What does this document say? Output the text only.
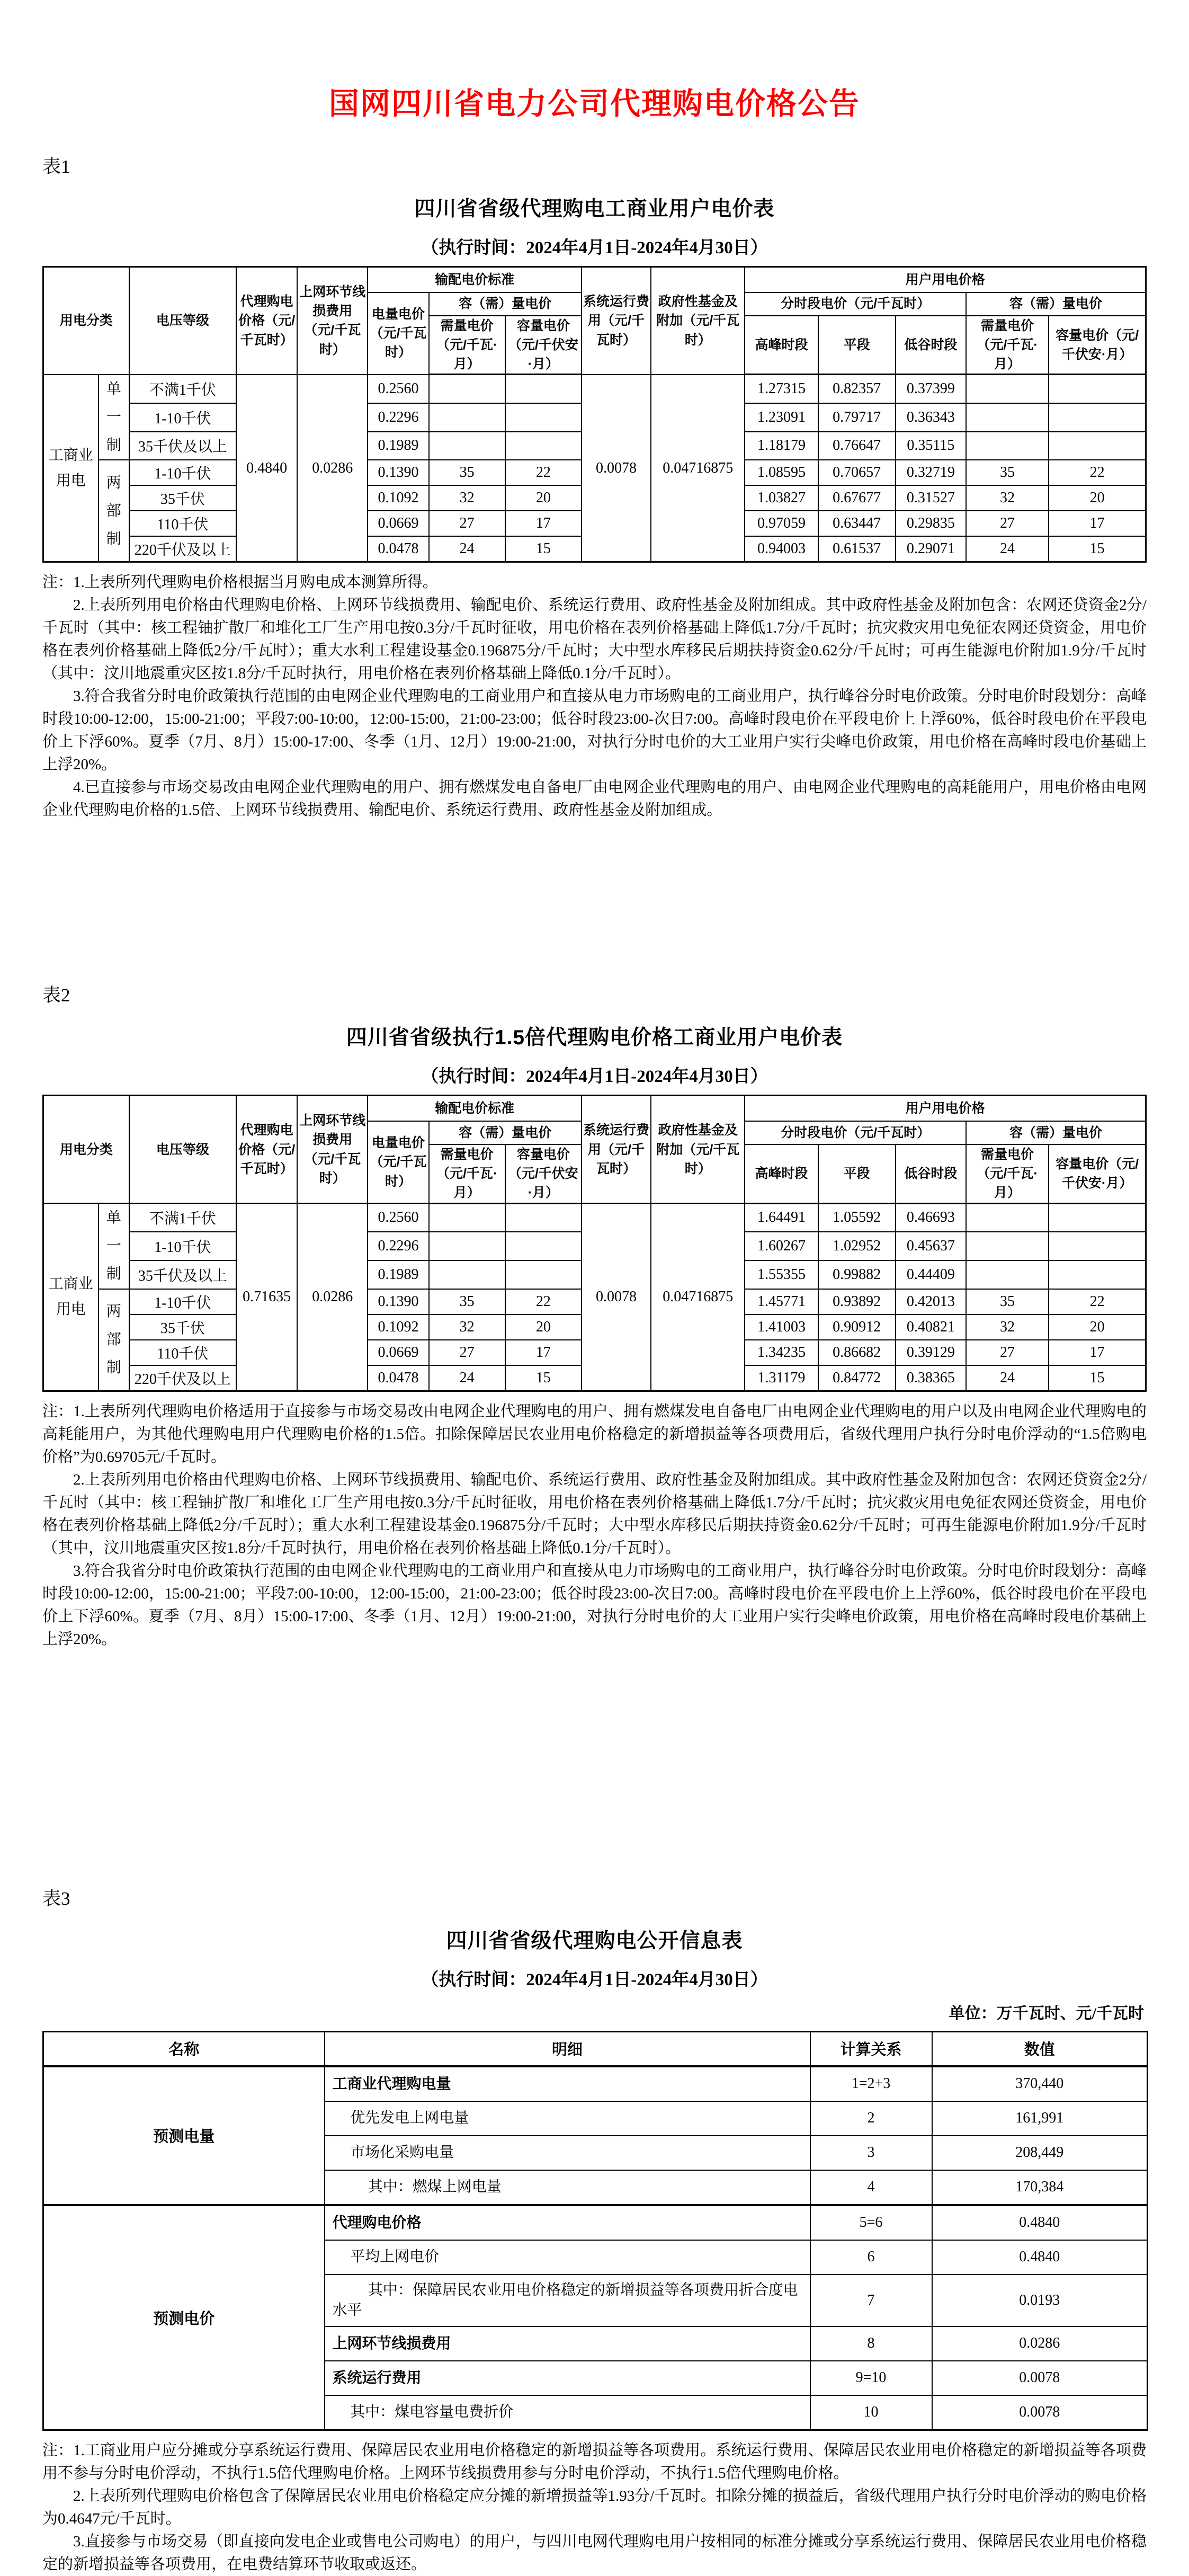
国网四川省电力公司代理购电价格公告
表1
四川省省级代理购电工商业用户电价表
（执行时间：2024年4月1日-2024年4月30日）
用电分类		电压等级	代理购电价格（元/千瓦时）	上网环节线损费用（元/千瓦时）	输配电价标准			系统运行费用（元/千瓦时）	政府性基金及附加（元/千瓦时）	用户用电价格				
					电量电价（元/千瓦时）	容（需）量电价				分时段电价（元/千瓦时）			容（需）量电价	
						需量电价（元/千瓦·月）	容量电价（元/千伏安·月）			高峰时段	平段	低谷时段	需量电价（元/千瓦·月）	容量电价（元/千伏安·月）
工商业用电	单一制	不满1千伏	0.4840	0.0286	0.2560			0.0078	0.04716875	1.27315	0.82357	0.37399		
		1-10千伏			0.2296					1.23091	0.79717	0.36343		
		35千伏及以上			0.1989					1.18179	0.76647	0.35115		
	两部制	1-10千伏			0.1390	35	22			1.08595	0.70657	0.32719	35	22
		35千伏			0.1092	32	20			1.03827	0.67677	0.31527	32	20
		110千伏			0.0669	27	17			0.97059	0.63447	0.29835	27	17
		220千伏及以上			0.0478	24	15			0.94003	0.61537	0.29071	24	15

注：1.上表所列代理购电价格根据当月购电成本测算所得。

2.上表所列用电价格由代理购电价格、上网环节线损费用、输配电价、系统运行费用、政府性基金及附加组成。其中政府性基金及附加包含：农网还贷资金2分/千瓦时（其中：核工程铀扩散厂和堆化工厂生产用电按0.3分/千瓦时征收，用电价格在表列价格基础上降低1.7分/千瓦时；抗灾救灾用电免征农网还贷资金，用电价格在表列价格基础上降低2分/千瓦时）；重大水利工程建设基金0.196875分/千瓦时；大中型水库移民后期扶持资金0.62分/千瓦时；可再生能源电价附加1.9分/千瓦时（其中：汶川地震重灾区按1.8分/千瓦时执行，用电价格在表列价格基础上降低0.1分/千瓦时）。

3.符合我省分时电价政策执行范围的由电网企业代理购电的工商业用户和直接从电力市场购电的工商业用户，执行峰谷分时电价政策。分时电价时段划分：高峰时段10:00-12:00，15:00-21:00；平段7:00-10:00，12:00-15:00，21:00-23:00；低谷时段23:00-次日7:00。高峰时段电价在平段电价上上浮60%，低谷时段电价在平段电价上下浮60%。夏季（7月、8月）15:00-17:00、冬季（1月、12月）19:00-21:00，对执行分时电价的大工业用户实行尖峰电价政策，用电价格在高峰时段电价基础上上浮20%。

4.已直接参与市场交易改由电网企业代理购电的用户、拥有燃煤发电自备电厂由电网企业代理购电的用户、由电网企业代理购电的高耗能用户，用电价格由电网企业代理购电价格的1.5倍、上网环节线损费用、输配电价、系统运行费用、政府性基金及附加组成。

表2
四川省省级执行1.5倍代理购电价格工商业用户电价表
（执行时间：2024年4月1日-2024年4月30日）
用电分类		电压等级	代理购电价格（元/千瓦时）	上网环节线损费用（元/千瓦时）	输配电价标准			系统运行费用（元/千瓦时）	政府性基金及附加（元/千瓦时）	用户用电价格				
					电量电价（元/千瓦时）	容（需）量电价				分时段电价（元/千瓦时）			容（需）量电价	
						需量电价（元/千瓦·月）	容量电价（元/千伏安·月）			高峰时段	平段	低谷时段	需量电价（元/千瓦·月）	容量电价（元/千伏安·月）
工商业用电	单一制	不满1千伏	0.71635	0.0286	0.2560			0.0078	0.04716875	1.64491	1.05592	0.46693		
		1-10千伏			0.2296					1.60267	1.02952	0.45637		
		35千伏及以上			0.1989					1.55355	0.99882	0.44409		
	两部制	1-10千伏			0.1390	35	22			1.45771	0.93892	0.42013	35	22
		35千伏			0.1092	32	20			1.41003	0.90912	0.40821	32	20
		110千伏			0.0669	27	17			1.34235	0.86682	0.39129	27	17
		220千伏及以上			0.0478	24	15			1.31179	0.84772	0.38365	24	15

注：1.上表所列代理购电价格适用于直接参与市场交易改由电网企业代理购电的用户、拥有燃煤发电自备电厂由电网企业代理购电的用户以及由电网企业代理购电的高耗能用户，为其他代理购电用户代理购电价格的1.5倍。扣除保障居民农业用电价格稳定的新增损益等各项费用后，省级代理用户执行分时电价浮动的“1.5倍购电价格”为0.69705元/千瓦时。

2.上表所列用电价格由代理购电价格、上网环节线损费用、输配电价、系统运行费用、政府性基金及附加组成。其中政府性基金及附加包含：农网还贷资金2分/千瓦时（其中：核工程铀扩散厂和堆化工厂生产用电按0.3分/千瓦时征收，用电价格在表列价格基础上降低1.7分/千瓦时；抗灾救灾用电免征农网还贷资金，用电价格在表列价格基础上降低2分/千瓦时）；重大水利工程建设基金0.196875分/千瓦时；大中型水库移民后期扶持资金0.62分/千瓦时；可再生能源电价附加1.9分/千瓦时（其中，汶川地震重灾区按1.8分/千瓦时执行，用电价格在表列价格基础上降低0.1分/千瓦时）。

3.符合我省分时电价政策执行范围的由电网企业代理购电的工商业用户和直接从电力市场购电的工商业用户，执行峰谷分时电价政策。分时电价时段划分：高峰时段10:00-12:00，15:00-21:00；平段7:00-10:00，12:00-15:00，21:00-23:00；低谷时段23:00-次日7:00。高峰时段电价在平段电价上上浮60%，低谷时段电价在平段电价上下浮60%。夏季（7月、8月）15:00-17:00、冬季（1月、12月）19:00-21:00，对执行分时电价的大工业用户实行尖峰电价政策，用电价格在高峰时段电价基础上上浮20%。

表3
四川省省级代理购电公开信息表
（执行时间：2024年4月1日-2024年4月30日）
单位：万千瓦时、元/千瓦时
名称	明细	计算关系	数值
预测电量	工商业代理购电量	1=2+3	370,440
	优先发电上网电量	2	161,991
	市场化采购电量	3	208,449
	其中：燃煤上网电量	4	170,384
预测电价	代理购电价格	5=6	0.4840
	平均上网电价	6	0.4840
	其中：保障居民农业用电价格稳定的新增损益等各项费用折合度电水平	7	0.0193
	上网环节线损费用	8	0.0286
	系统运行费用	9=10	0.0078
	其中：煤电容量电费折价	10	0.0078

注：1.工商业用户应分摊或分享系统运行费用、保障居民农业用电价格稳定的新增损益等各项费用。系统运行费用、保障居民农业用电价格稳定的新增损益等各项费用不参与分时电价浮动，不执行1.5倍代理购电价格。上网环节线损费用参与分时电价浮动，不执行1.5倍代理购电价格。

2.上表所列代理购电价格包含了保障居民农业用电价格稳定应分摊的新增损益等1.93分/千瓦时。扣除分摊的损益后，省级代理用户执行分时电价浮动的购电价格为0.4647元/千瓦时。

3.直接参与市场交易（即直接向发电企业或售电公司购电）的用户，与四川电网代理购电用户按相同的标准分摊或分享系统运行费用、保障居民农业用电价格稳定的新增损益等各项费用，在电费结算环节收取或返还。
